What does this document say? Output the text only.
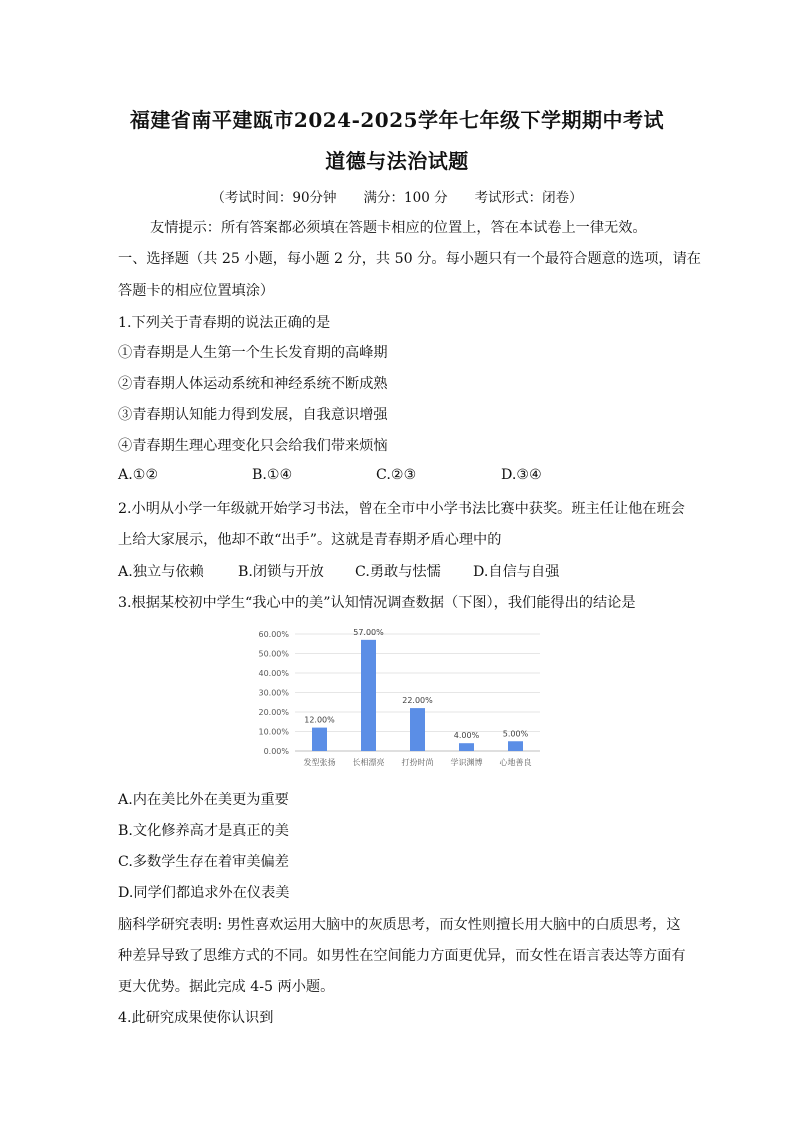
福建省南平建瓯市2024-2025学年七年级下学期期中考试
道德与法治试题
（考试时间：90分钟　　满分：100 分　　考试形式：闭卷）
友情提示：所有答案都必须填在答题卡相应的位置上，答在本试卷上一律无效。
一、选择题（共 25 小题，每小题 2 分，共 50 分。每小题只有一个最符合题意的选项，请在
答题卡的相应位置填涂）
1.下列关于青春期的说法正确的是
①青春期是人生第一个生长发育期的高峰期
②青春期人体运动系统和神经系统不断成熟
③青春期认知能力得到发展，自我意识增强
④青春期生理心理变化只会给我们带来烦恼
A.①②	B.①④	C.②③	D.③④
2.小明从小学一年级就开始学习书法，曾在全市中小学书法比赛中获奖。班主任让他在班会
上给大家展示，他却不敢“出手”。这就是青春期矛盾心理中的
A.独立与依赖 B.闭锁与开放 C.勇敢与怯懦 D.自信与自强
3.根据某校初中学生“我心中的美”认知情况调查数据（下图），我们能得出的结论是
0.00%
10.00%
20.00%
30.00%
40.00%
50.00%
60.00%
12.00%
发型张扬
57.00%
长相漂亮
22.00%
打扮时尚
4.00%
学识渊博
5.00%
心地善良
A.内在美比外在美更为重要
B.文化修养高才是真正的美
C.多数学生存在着审美偏差
D.同学们都追求外在仪表美
脑科学研究表明: 男性喜欢运用大脑中的灰质思考，而女性则擅长用大脑中的白质思考，这
种差异导致了思维方式的不同。如男性在空间能力方面更优异，而女性在语言表达等方面有
更大优势。据此完成 4-5 两小题。
4.此研究成果使你认识到
